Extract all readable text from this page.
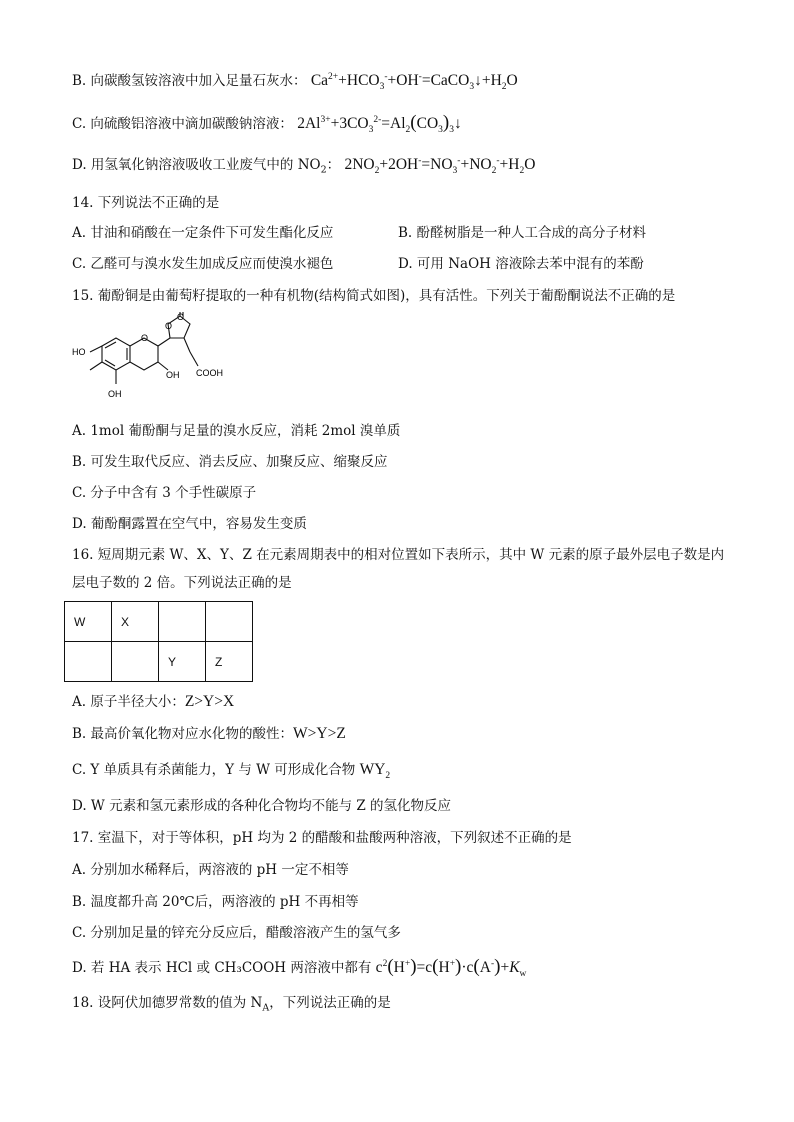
B. 向碳酸氢铵溶液中加入足量石灰水： $Ca^{2+}+HCO_3^-+OH^-=CaCO_3↓+H_2O$
C. 向硫酸铝溶液中滴加碳酸钠溶液： $2Al^{3+}+3CO_3^{2-}=Al_2(CO_3)_3↓$
D. 用氢氧化钠溶液吸收工业废气中的 $NO_2$： $2NO_2+2OH^-=NO_3^-+NO_2^-+H_2O$
14. 下列说法不正确的是
A. 甘油和硝酸在一定条件下可发生酯化反应	B. 酚醛树脂是一种人工合成的高分子材料
C. 乙醛可与溴水发生加成反应而使溴水褪色	D. 可用 NaOH 溶液除去苯中混有的苯酚
15. 葡酚铜是由葡萄籽提取的一种有机物(结构简式如图)，具有活性。下列关于葡酚酮说法不正确的是
HO
OH
OH
O
O
O
COOH
A. 1mol 葡酚酮与足量的溴水反应，消耗 2mol 溴单质
B. 可发生取代反应、消去反应、加聚反应、缩聚反应
C. 分子中含有 3 个手性碳原子
D. 葡酚酮露置在空气中，容易发生变质
16. 短周期元素 W、X、Y、Z 在元素周期表中的相对位置如下表所示，其中 W 元素的原子最外层电子数是内
层电子数的 2 倍。下列说法正确的是
W	X		
		Y	Z
A. 原子半径大小：Z>Y>X
B. 最高价氧化物对应水化物的酸性：W>Y>Z
C. Y 单质具有杀菌能力，Y 与 W 可形成化合物 $WY_2$
D. W 元素和氢元素形成的各种化合物均不能与 Z 的氢化物反应
17. 室温下，对于等体积，pH 均为 2 的醋酸和盐酸两种溶液，下列叙述不正确的是
A. 分别加水稀释后，两溶液的 pH 一定不相等
B. 温度都升高 20℃后，两溶液的 pH 不再相等
C. 分别加足量的锌充分反应后，醋酸溶液产生的氢气多
D. 若 HA 表示 HCl 或 CH₃COOH 两溶液中都有 $c^2(H^+)=c(H^+)\cdot c(A^-)+K_w$
18. 设阿伏加德罗常数的值为 $N_A$，下列说法正确的是
